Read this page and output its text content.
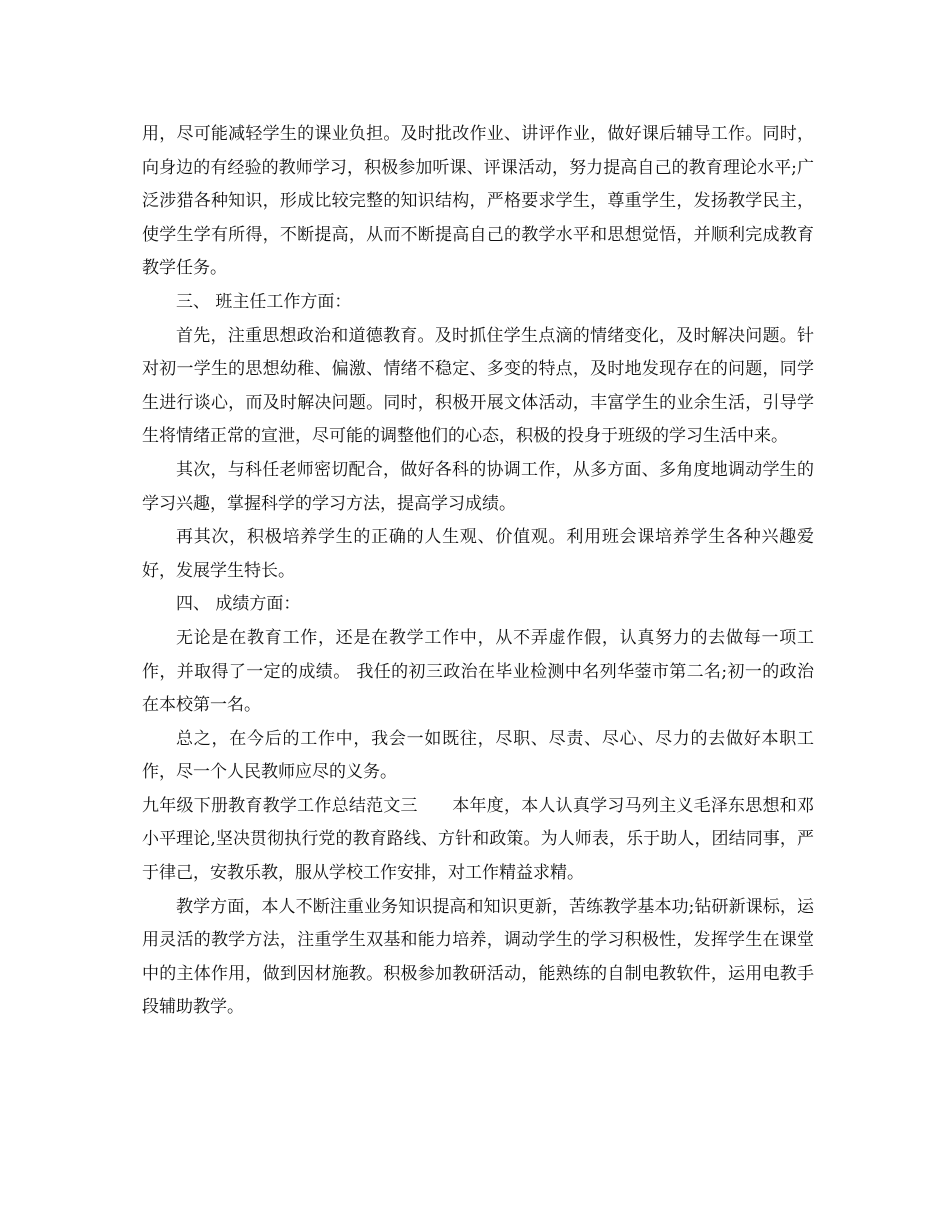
用，尽可能减轻学生的课业负担。及时批改作业、讲评作业，做好课后辅导工作。同时，向身边的有经验的教师学习，积极参加听课、评课活动，努力提高自己的教育理论水平;广泛涉猎各种知识，形成比较完整的知识结构，严格要求学生，尊重学生，发扬教学民主，使学生学有所得，不断提高，从而不断提高自己的教学水平和思想觉悟，并顺利完成教育教学任务。

三、 班主任工作方面：

首先，注重思想政治和道德教育。及时抓住学生点滴的情绪变化，及时解决问题。针对初一学生的思想幼稚、偏激、情绪不稳定、多变的特点，及时地发现存在的问题，同学生进行谈心，而及时解决问题。同时，积极开展文体活动，丰富学生的业余生活，引导学生将情绪正常的宣泄，尽可能的调整他们的心态，积极的投身于班级的学习生活中来。

其次，与科任老师密切配合，做好各科的协调工作，从多方面、多角度地调动学生的学习兴趣，掌握科学的学习方法，提高学习成绩。

再其次，积极培养学生的正确的人生观、价值观。利用班会课培养学生各种兴趣爱好，发展学生特长。

四、 成绩方面：

无论是在教育工作，还是在教学工作中，从不弄虚作假，认真努力的去做每一项工作，并取得了一定的成绩。 我任的初三政治在毕业检测中名列华蓥市第二名;初一的政治在本校第一名。

总之，在今后的工作中，我会一如既往，尽职、尽责、尽心、尽力的去做好本职工作，尽一个人民教师应尽的义务。

九年级下册教育教学工作总结范文三　　本年度，本人认真学习马列主义毛泽东思想和邓小平理论,坚决贯彻执行党的教育路线、方针和政策。为人师表，乐于助人，团结同事，严于律己，安教乐教，服从学校工作安排，对工作精益求精。

教学方面，本人不断注重业务知识提高和知识更新，苦练教学基本功;钻研新课标，运用灵活的教学方法，注重学生双基和能力培养，调动学生的学习积极性，发挥学生在课堂中的主体作用，做到因材施教。积极参加教研活动，能熟练的自制电教软件，运用电教手段辅助教学。
